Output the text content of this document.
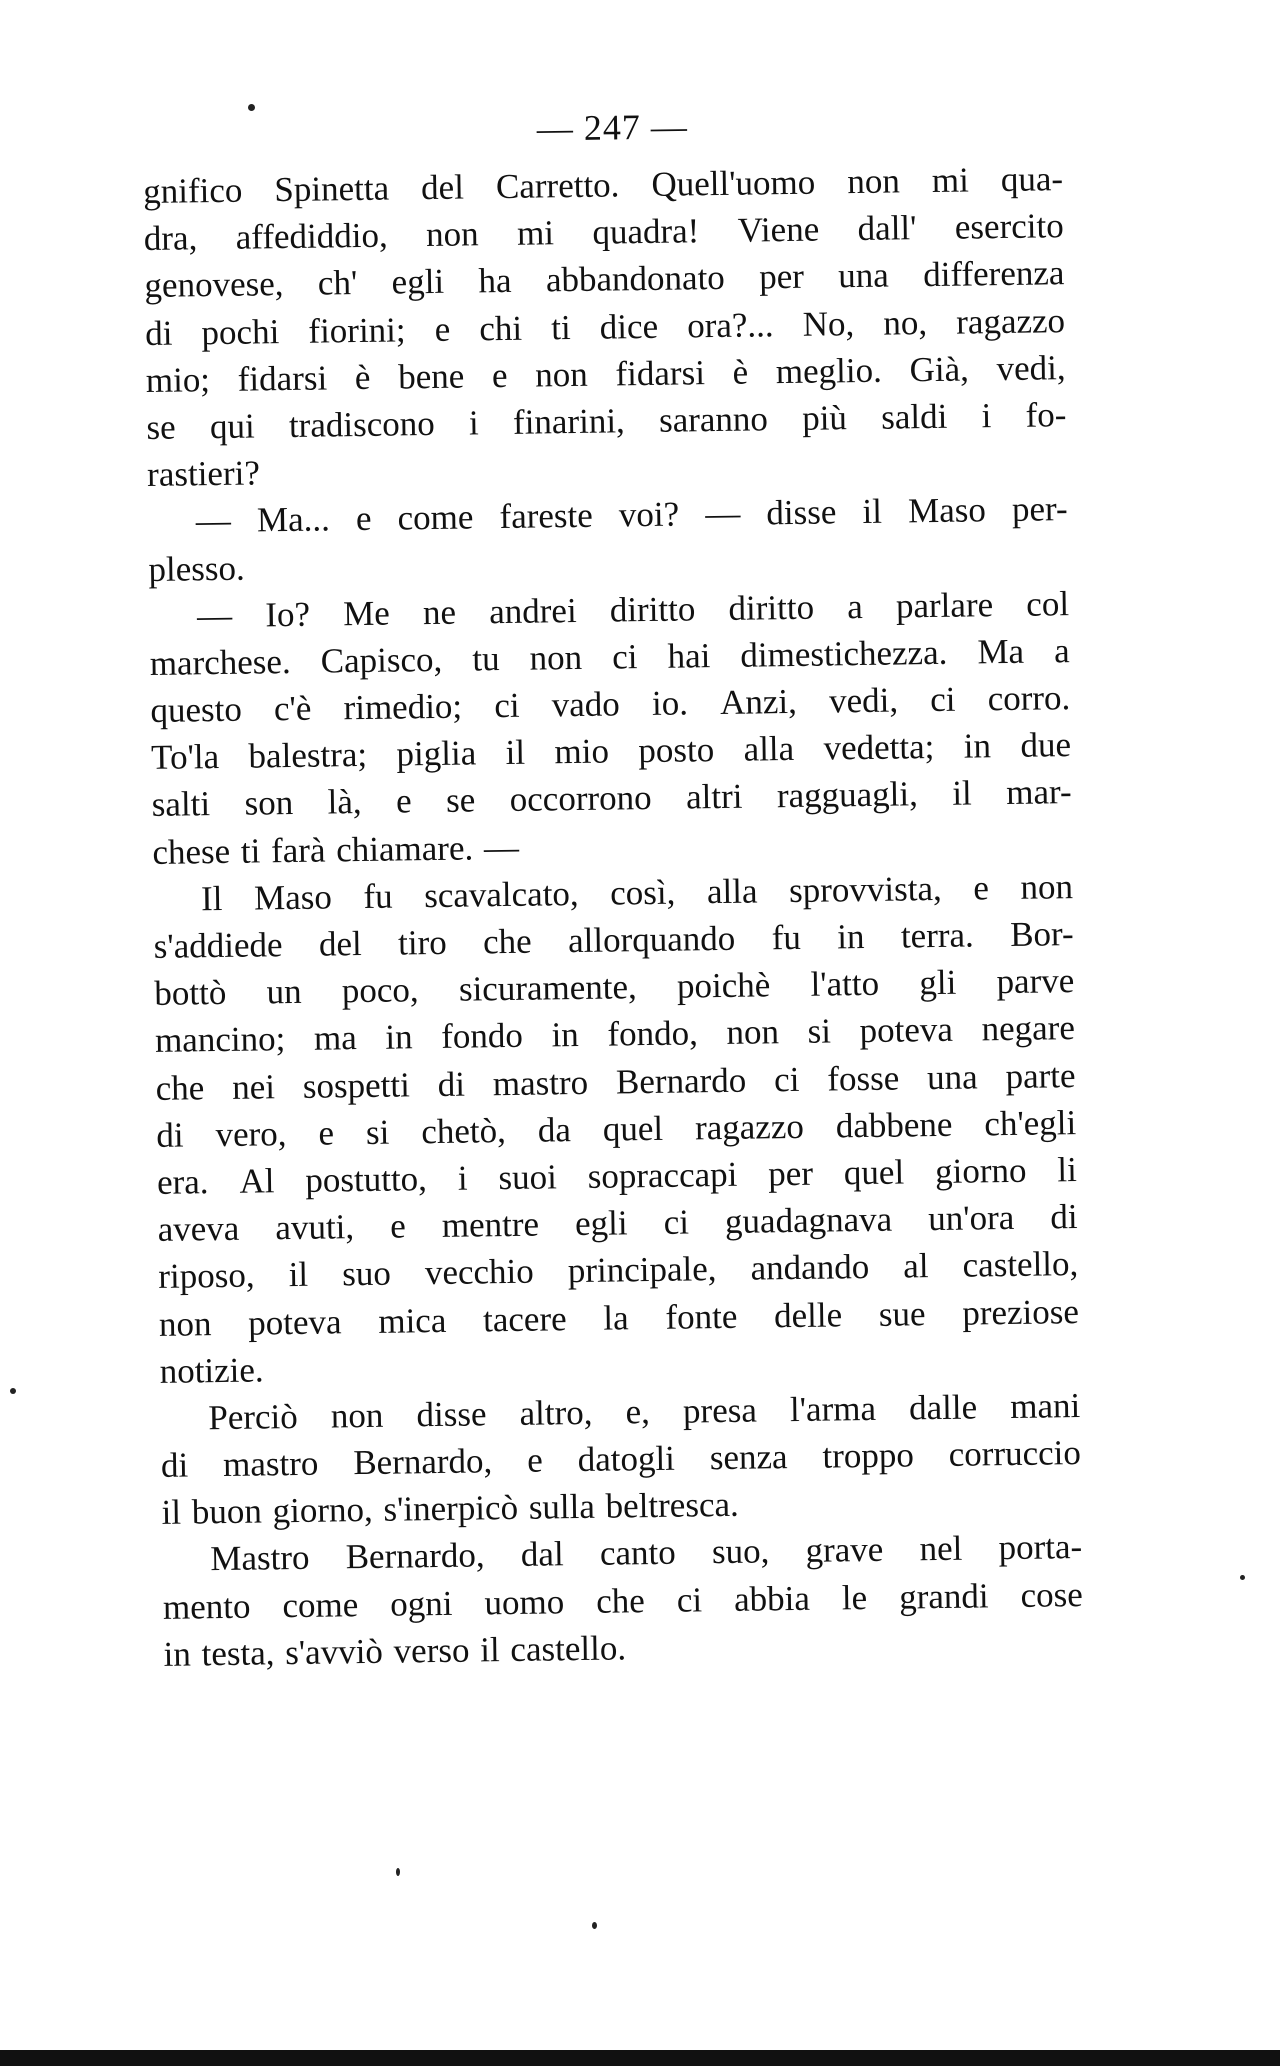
— 247 —
gnifico Spinetta del Carretto. Quell'uomo non mi qua-
dra, affediddio, non mi quadra! Viene dall' esercito
genovese, ch' egli ha abbandonato per una differenza
di pochi fiorini; e chi ti dice ora?... No, no, ragazzo
mio; fidarsi è bene e non fidarsi è meglio. Già, vedi,
se qui tradiscono i finarini, saranno più saldi i fo-
rastieri?
— Ma... e come fareste voi? — disse il Maso per-
plesso.
— Io? Me ne andrei diritto diritto a parlare col
marchese. Capisco, tu non ci hai dimestichezza. Ma a
questo c'è rimedio; ci vado io. Anzi, vedi, ci corro.
To'la balestra; piglia il mio posto alla vedetta; in due
salti son là, e se occorrono altri ragguagli, il mar-
chese ti farà chiamare. —
Il Maso fu scavalcato, così, alla sprovvista, e non
s'addiede del tiro che allorquando fu in terra. Bor-
bottò un poco, sicuramente, poichè l'atto gli parve
mancino; ma in fondo in fondo, non si poteva negare
che nei sospetti di mastro Bernardo ci fosse una parte
di vero, e si chetò, da quel ragazzo dabbene ch'egli
era. Al postutto, i suoi sopraccapi per quel giorno li
aveva avuti, e mentre egli ci guadagnava un'ora di
riposo, il suo vecchio principale, andando al castello,
non poteva mica tacere la fonte delle sue preziose
notizie.
Perciò non disse altro, e, presa l'arma dalle mani
di mastro Bernardo, e datogli senza troppo corruccio
il buon giorno, s'inerpicò sulla beltresca.
Mastro Bernardo, dal canto suo, grave nel porta-
mento come ogni uomo che ci abbia le grandi cose
in testa, s'avviò verso il castello.
